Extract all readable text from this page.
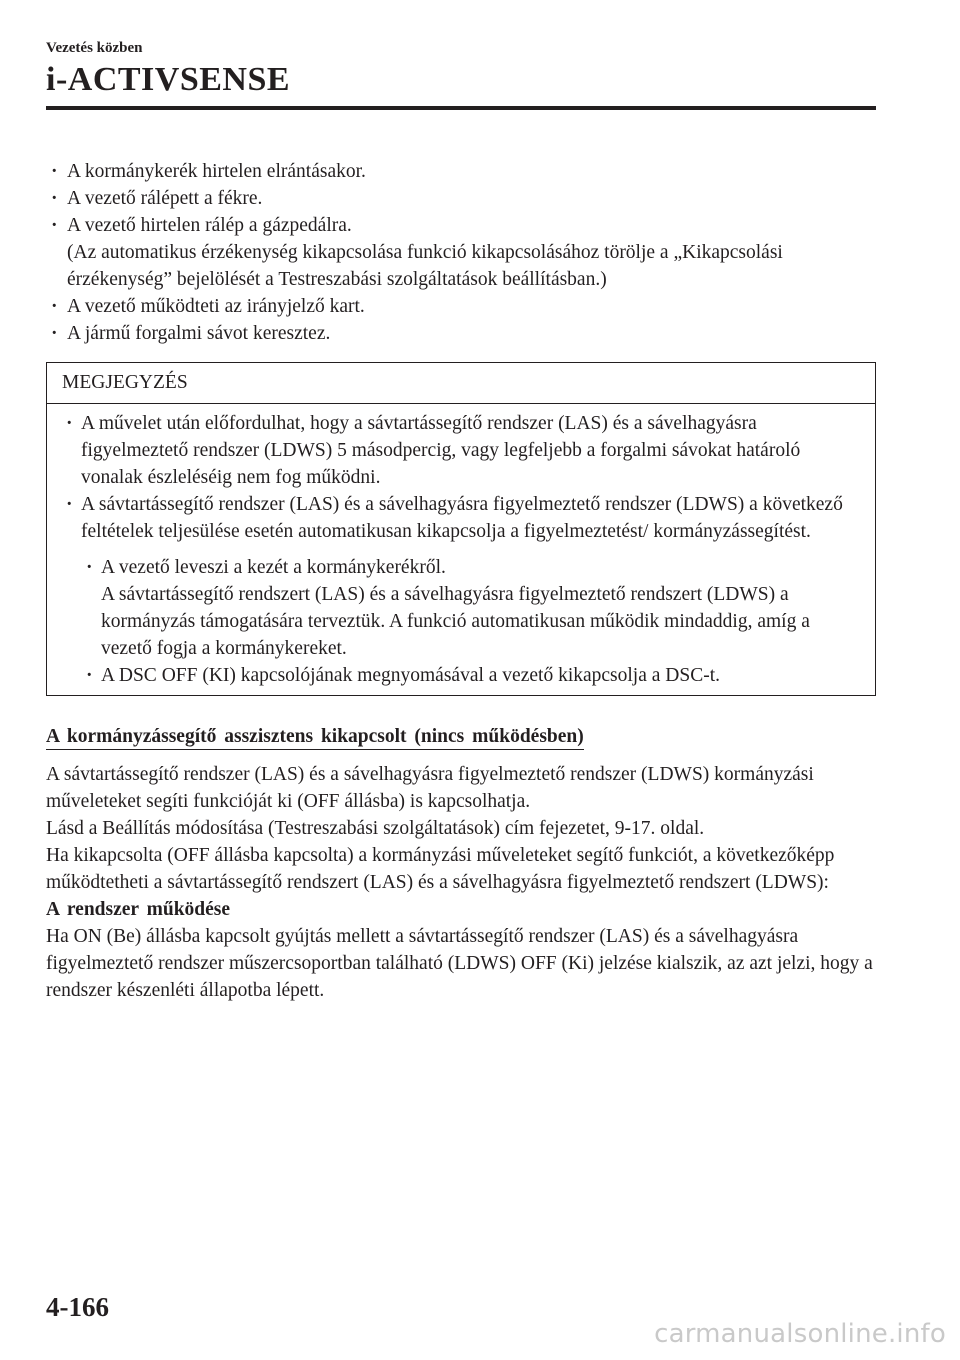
Vezetés közben
i-ACTIVSENSE
· A kormánykerék hirtelen elrántásakor.
· A vezető rálépett a fékre.
· A vezető hirtelen rálép a gázpedálra.
(Az automatikus érzékenység kikapcsolása funkció kikapcsolásához törölje a „Kikapcsolási érzékenység” bejelölését a Testreszabási szolgáltatások beállításban.)
· A vezető működteti az irányjelző kart.
· A jármű forgalmi sávot keresztez.
MEGJEGYZÉS
· A művelet után előfordulhat, hogy a sávtartássegítő rendszer (LAS) és a sávelhagyásra figyelmeztető rendszer (LDWS) 5 másodpercig, vagy legfeljebb a forgalmi sávokat határoló vonalak észleléséig nem fog működni.
· A sávtartássegítő rendszer (LAS) és a sávelhagyásra figyelmeztető rendszer (LDWS) a következő feltételek teljesülése esetén automatikusan kikapcsolja a figyelmeztetést/ kormányzássegítést.
· A vezető leveszi a kezét a kormánykerékről.
A sávtartássegítő rendszert (LAS) és a sávelhagyásra figyelmeztető rendszert (LDWS) a kormányzás támogatására terveztük. A funkció automatikusan működik mindaddig, amíg a vezető fogja a kormánykereket.
· A DSC OFF (KI) kapcsolójának megnyomásával a vezető kikapcsolja a DSC-t.
A kormányzássegítő asszisztens kikapcsolt (nincs működésben)
A sávtartássegítő rendszer (LAS) és a sávelhagyásra figyelmeztető rendszer (LDWS) kormányzási műveleteket segíti funkcióját ki (OFF állásba) is kapcsolhatja.
Lásd a Beállítás módosítása (Testreszabási szolgáltatások) cím fejezetet, 9-17. oldal.
Ha kikapcsolta (OFF állásba kapcsolta) a kormányzási műveleteket segítő funkciót, a következőképp működtetheti a sávtartássegítő rendszert (LAS) és a sávelhagyásra figyelmeztető rendszert (LDWS):
A rendszer működése
Ha ON (Be) állásba kapcsolt gyújtás mellett a sávtartássegítő rendszer (LAS) és a sávelhagyásra figyelmeztető rendszer műszercsoportban található (LDWS) OFF (Ki) jelzése kialszik, az azt jelzi, hogy a rendszer készenléti állapotba lépett.
4-166
carmanualsonline.info
